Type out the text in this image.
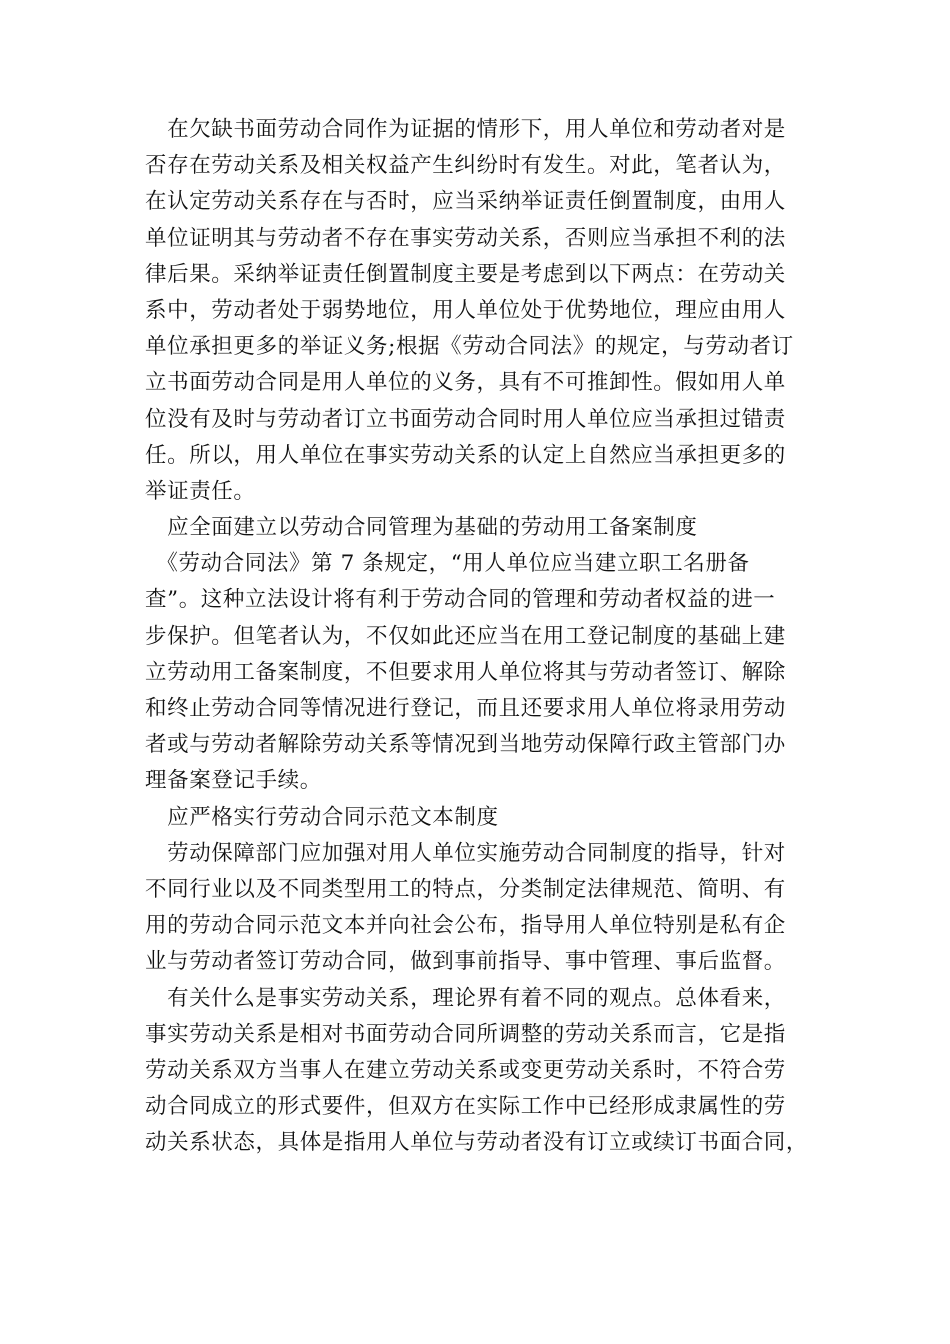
　在欠缺书面劳动合同作为证据的情形下，用人单位和劳动者对是
否存在劳动关系及相关权益产生纠纷时有发生。对此，笔者认为，
在认定劳动关系存在与否时，应当采纳举证责任倒置制度，由用人
单位证明其与劳动者不存在事实劳动关系，否则应当承担不利的法
律后果。采纳举证责任倒置制度主要是考虑到以下两点：在劳动关
系中，劳动者处于弱势地位，用人单位处于优势地位，理应由用人
单位承担更多的举证义务;根据《劳动合同法》的规定，与劳动者订
立书面劳动合同是用人单位的义务，具有不可推卸性。假如用人单
位没有及时与劳动者订立书面劳动合同时用人单位应当承担过错责
任。所以，用人单位在事实劳动关系的认定上自然应当承担更多的
举证责任。
　应全面建立以劳动合同管理为基础的劳动用工备案制度
　《劳动合同法》第 7 条规定，“用人单位应当建立职工名册备
查”。这种立法设计将有利于劳动合同的管理和劳动者权益的进一
步保护。但笔者认为，不仅如此还应当在用工登记制度的基础上建
立劳动用工备案制度，不但要求用人单位将其与劳动者签订、解除
和终止劳动合同等情况进行登记，而且还要求用人单位将录用劳动
者或与劳动者解除劳动关系等情况到当地劳动保障行政主管部门办
理备案登记手续。
　应严格实行劳动合同示范文本制度
　劳动保障部门应加强对用人单位实施劳动合同制度的指导，针对
不同行业以及不同类型用工的特点，分类制定法律规范、简明、有
用的劳动合同示范文本并向社会公布，指导用人单位特别是私有企
业与劳动者签订劳动合同，做到事前指导、事中管理、事后监督。
　有关什么是事实劳动关系，理论界有着不同的观点。总体看来，
事实劳动关系是相对书面劳动合同所调整的劳动关系而言，它是指
劳动关系双方当事人在建立劳动关系或变更劳动关系时，不符合劳
动合同成立的形式要件，但双方在实际工作中已经形成隶属性的劳
动关系状态，具体是指用人单位与劳动者没有订立或续订书面合同，
